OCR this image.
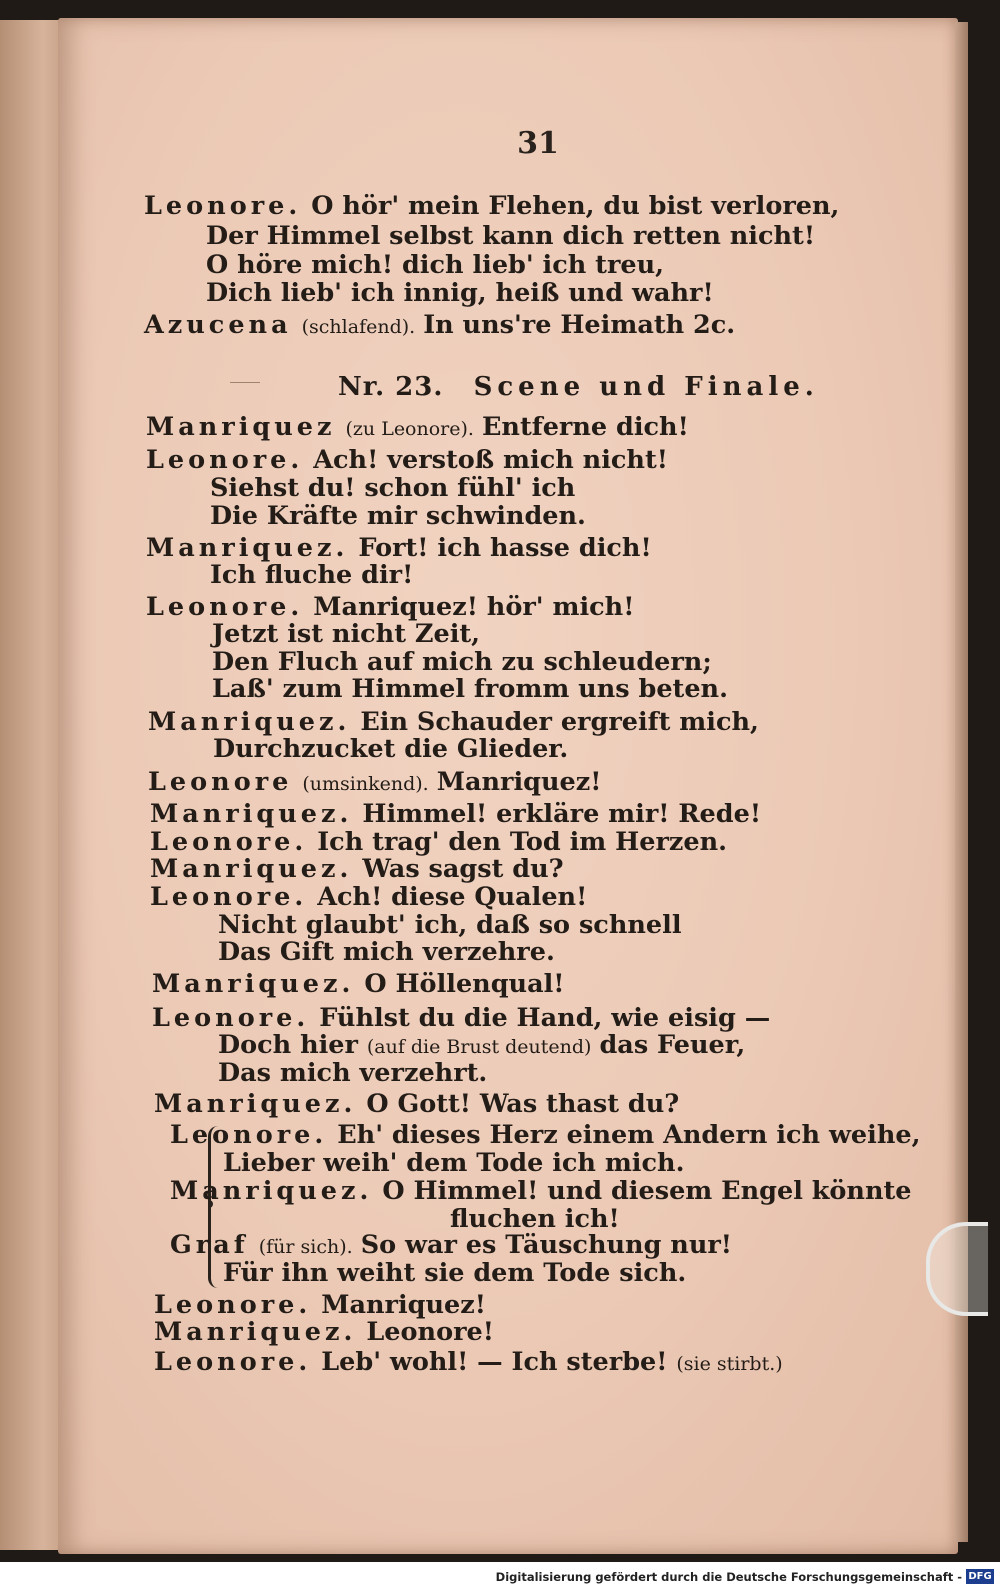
31
Leonore. O hör' mein Flehen, du bist verloren,
Der Himmel selbst kann dich retten nicht!
O höre mich! dich lieb' ich treu,
Dich lieb' ich innig, heiß und wahr!
Azucena (schlafend). In uns're Heimath 2c.
Nr. 23. Scene und Finale.
Manriquez (zu Leonore). Entferne dich!
Leonore. Ach! verstoß mich nicht!
Siehst du! schon fühl' ich
Die Kräfte mir schwinden.
Manriquez. Fort! ich hasse dich!
Ich fluche dir!
Leonore. Manriquez! hör' mich!
Jetzt ist nicht Zeit,
Den Fluch auf mich zu schleudern;
Laß' zum Himmel fromm uns beten.
Manriquez. Ein Schauder ergreift mich,
Durchzucket die Glieder.
Leonore (umsinkend). Manriquez!
Manriquez. Himmel! erkläre mir! Rede!
Leonore. Ich trag' den Tod im Herzen.
Manriquez. Was sagst du?
Leonore. Ach! diese Qualen!
Nicht glaubt' ich, daß so schnell
Das Gift mich verzehre.
Manriquez. O Höllenqual!
Leonore. Fühlst du die Hand, wie eisig —
Doch hier (auf die Brust deutend) das Feuer,
Das mich verzehrt.
Manriquez. O Gott! Was thast du?
Leonore. Eh' dieses Herz einem Andern ich weihe,
Lieber weih' dem Tode ich mich.
Manriquez. O Himmel! und diesem Engel könnte
fluchen ich!
Graf (für sich). So war es Täuschung nur!
Für ihn weiht sie dem Tode sich.
Leonore. Manriquez!
Manriquez. Leonore!
Leonore. Leb' wohl! — Ich sterbe! (sie stirbt.)
Digitalisierung gefördert durch die Deutsche Forschungsgemeinschaft - DFG
